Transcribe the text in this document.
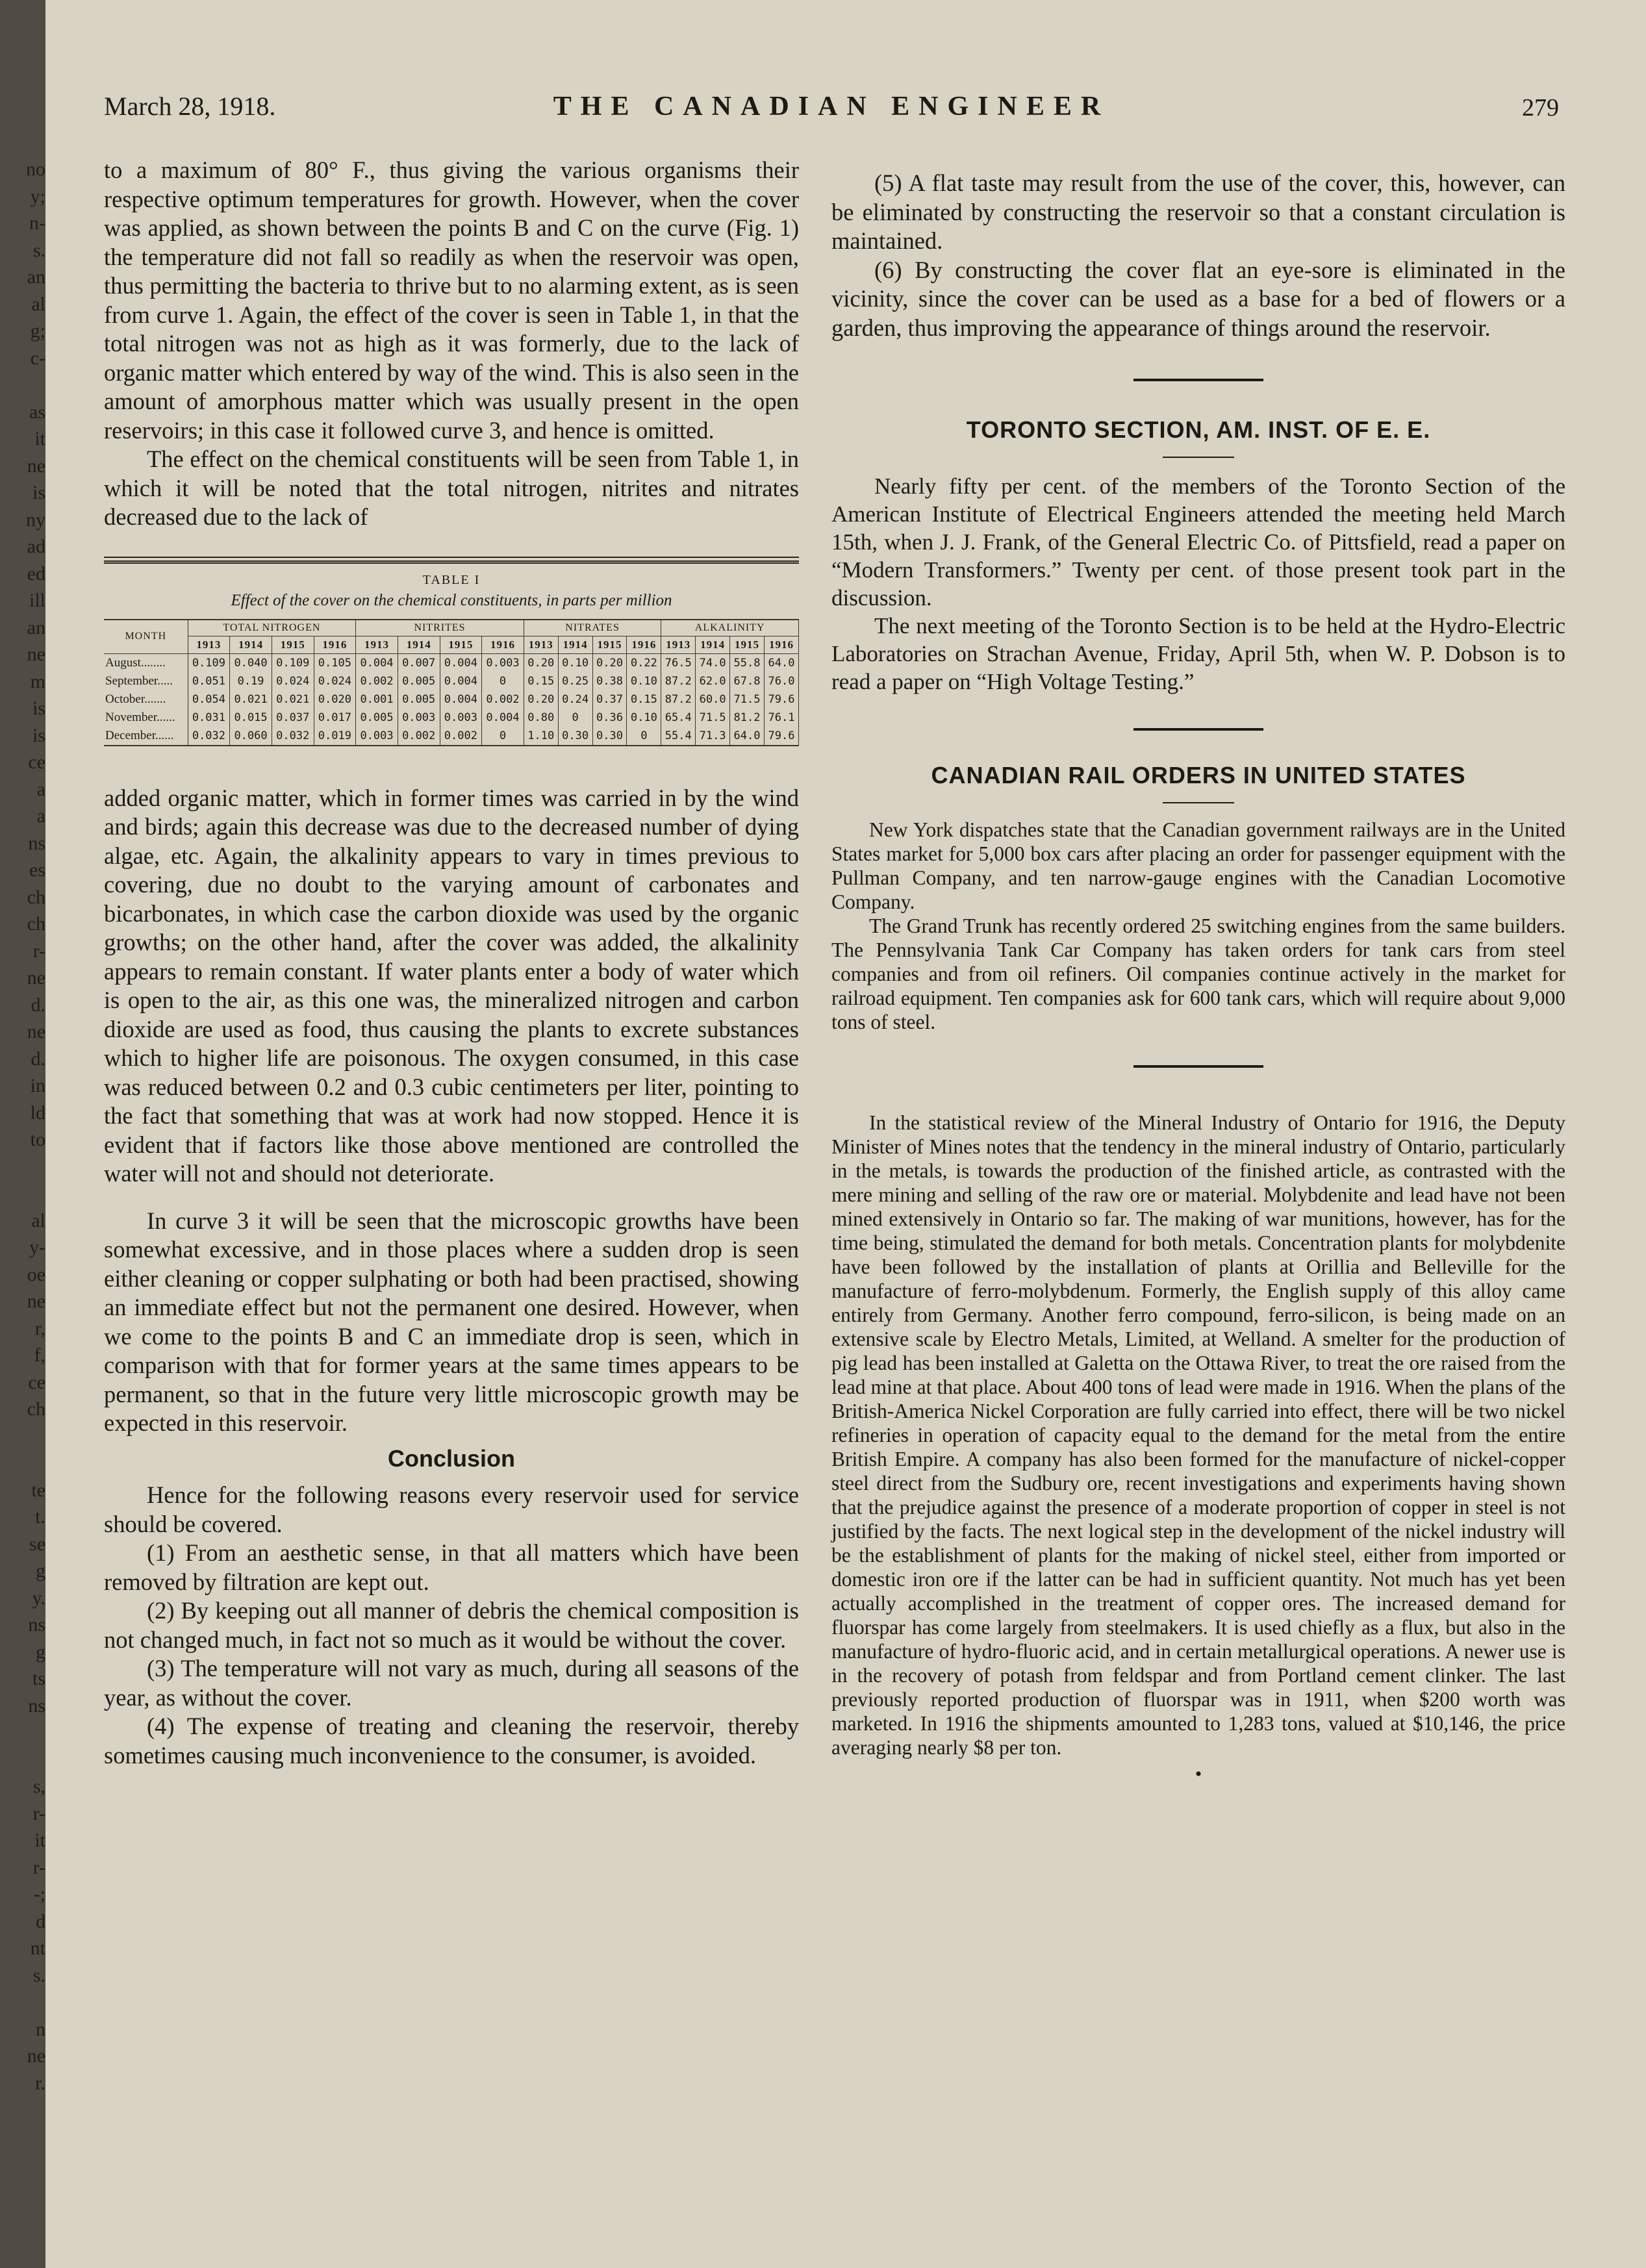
no
y;
n-
s.
an
al
g;
c-
as
it
ne
is
ny
ad
ed
ill
an
ne
m
is
is
ce
a
a
ns
es
ch
ch
r-
ne
d.
ne
d.
in
ld
to
al
y-
oe
ne
r,
f,
ce
ch
te
t.
se
g
y.
ns
g
ts
ns
s,
r-
it
r-
-;
d
nt
s.
n
ne
r.
March 28, 1918.	THE CANADIAN ENGINEER	279

to a maximum of 80° F., thus giving the various organisms their respective optimum temperatures for growth. However, when the cover was applied, as shown between the points B and C on the curve (Fig. 1) the temperature did not fall so readily as when the reservoir was open, thus permitting the bacteria to thrive but to no alarming extent, as is seen from curve 1. Again, the effect of the cover is seen in Table 1, in that the total nitrogen was not as high as it was formerly, due to the lack of organic matter which entered by way of the wind. This is also seen in the amount of amorphous matter which was usually present in the open reservoirs; in this case it followed curve 3, and hence is omitted.

The effect on the chemical constituents will be seen from Table 1, in which it will be noted that the total nitrogen, nitrites and nitrates decreased due to the lack of

TABLE I
Effect of the cover on the chemical constituents, in parts per million
MONTH	TOTAL NITROGEN				NITRITES				NITRATES				ALKALINITY			
	1913	1914	1915	1916	1913	1914	1915	1916	1913	1914	1915	1916	1913	1914	1915	1916
August........	0.109	0.040	0.109	0.105	0.004	0.007	0.004	0.003	0.20	0.10	0.20	0.22	76.5	74.0	55.8	64.0
September.....	0.051	0.19	0.024	0.024	0.002	0.005	0.004	0	0.15	0.25	0.38	0.10	87.2	62.0	67.8	76.0
October.......	0.054	0.021	0.021	0.020	0.001	0.005	0.004	0.002	0.20	0.24	0.37	0.15	87.2	60.0	71.5	79.6
November......	0.031	0.015	0.037	0.017	0.005	0.003	0.003	0.004	0.80	0	0.36	0.10	65.4	71.5	81.2	76.1
December......	0.032	0.060	0.032	0.019	0.003	0.002	0.002	0	1.10	0.30	0.30	0	55.4	71.3	64.0	79.6

added organic matter, which in former times was carried in by the wind and birds; again this decrease was due to the decreased number of dying algae, etc. Again, the alkalinity appears to vary in times previous to covering, due no doubt to the varying amount of carbonates and bicarbonates, in which case the carbon dioxide was used by the organic growths; on the other hand, after the cover was added, the alkalinity appears to remain constant. If water plants enter a body of water which is open to the air, as this one was, the mineralized nitrogen and carbon dioxide are used as food, thus causing the plants to excrete substances which to higher life are poisonous. The oxygen consumed, in this case was reduced between 0.2 and 0.3 cubic centimeters per liter, pointing to the fact that something that was at work had now stopped. Hence it is evident that if factors like those above mentioned are controlled the water will not and should not deteriorate.

In curve 3 it will be seen that the microscopic growths have been somewhat excessive, and in those places where a sudden drop is seen either cleaning or copper sulphating or both had been practised, showing an immediate effect but not the permanent one desired. However, when we come to the points B and C an immediate drop is seen, which in comparison with that for former years at the same times appears to be permanent, so that in the future very little microscopic growth may be expected in this reservoir.

Conclusion

Hence for the following reasons every reservoir used for service should be covered.

(1) From an aesthetic sense, in that all matters which have been removed by filtration are kept out.

(2) By keeping out all manner of debris the chemical composition is not changed much, in fact not so much as it would be without the cover.

(3) The temperature will not vary as much, during all seasons of the year, as without the cover.

(4) The expense of treating and cleaning the reservoir, thereby sometimes causing much inconvenience to the consumer, is avoided.

(5) A flat taste may result from the use of the cover, this, however, can be eliminated by constructing the reservoir so that a constant circulation is maintained.

(6) By constructing the cover flat an eye-sore is eliminated in the vicinity, since the cover can be used as a base for a bed of flowers or a garden, thus improving the appearance of things around the reservoir.

TORONTO SECTION, AM. INST. OF E. E.

Nearly fifty per cent. of the members of the Toronto Section of the American Institute of Electrical Engineers attended the meeting held March 15th, when J. J. Frank, of the General Electric Co. of Pittsfield, read a paper on “Modern Transformers.” Twenty per cent. of those present took part in the discussion.

The next meeting of the Toronto Section is to be held at the Hydro-Electric Laboratories on Strachan Avenue, Friday, April 5th, when W. P. Dobson is to read a paper on “High Voltage Testing.”

CANADIAN RAIL ORDERS IN UNITED STATES

New York dispatches state that the Canadian government railways are in the United States market for 5,000 box cars after placing an order for passenger equipment with the Pullman Company, and ten narrow-gauge engines with the Canadian Locomotive Company.

The Grand Trunk has recently ordered 25 switching engines from the same builders. The Pennsylvania Tank Car Company has taken orders for tank cars from steel companies and from oil refiners. Oil companies continue actively in the market for railroad equipment. Ten companies ask for 600 tank cars, which will require about 9,000 tons of steel.

In the statistical review of the Mineral Industry of Ontario for 1916, the Deputy Minister of Mines notes that the tendency in the mineral industry of Ontario, particularly in the metals, is towards the production of the finished article, as contrasted with the mere mining and selling of the raw ore or material. Molybdenite and lead have not been mined extensively in Ontario so far. The making of war munitions, however, has for the time being, stimulated the demand for both metals. Concentration plants for molybdenite have been followed by the installation of plants at Orillia and Belleville for the manufacture of ferro-molybdenum. Formerly, the English supply of this alloy came entirely from Germany. Another ferro compound, ferro-silicon, is being made on an extensive scale by Electro Metals, Limited, at Welland. A smelter for the production of pig lead has been installed at Galetta on the Ottawa River, to treat the ore raised from the lead mine at that place. About 400 tons of lead were made in 1916. When the plans of the British-America Nickel Corporation are fully carried into effect, there will be two nickel refineries in operation of capacity equal to the demand for the metal from the entire British Empire. A company has also been formed for the manufacture of nickel-copper steel direct from the Sudbury ore, recent investigations and experiments having shown that the prejudice against the presence of a moderate proportion of copper in steel is not justified by the facts. The next logical step in the development of the nickel industry will be the establishment of plants for the making of nickel steel, either from imported or domestic iron ore if the latter can be had in sufficient quantity. Not much has yet been actually accomplished in the treatment of copper ores. The increased demand for fluorspar has come largely from steelmakers. It is used chiefly as a flux, but also in the manufacture of hydro-fluoric acid, and in certain metallurgical operations. A newer use is in the recovery of potash from feldspar and from Portland cement clinker. The last previously reported production of fluorspar was in 1911, when $200 worth was marketed. In 1916 the shipments amounted to 1,283 tons, valued at $10,146, the price averaging nearly $8 per ton.

•
